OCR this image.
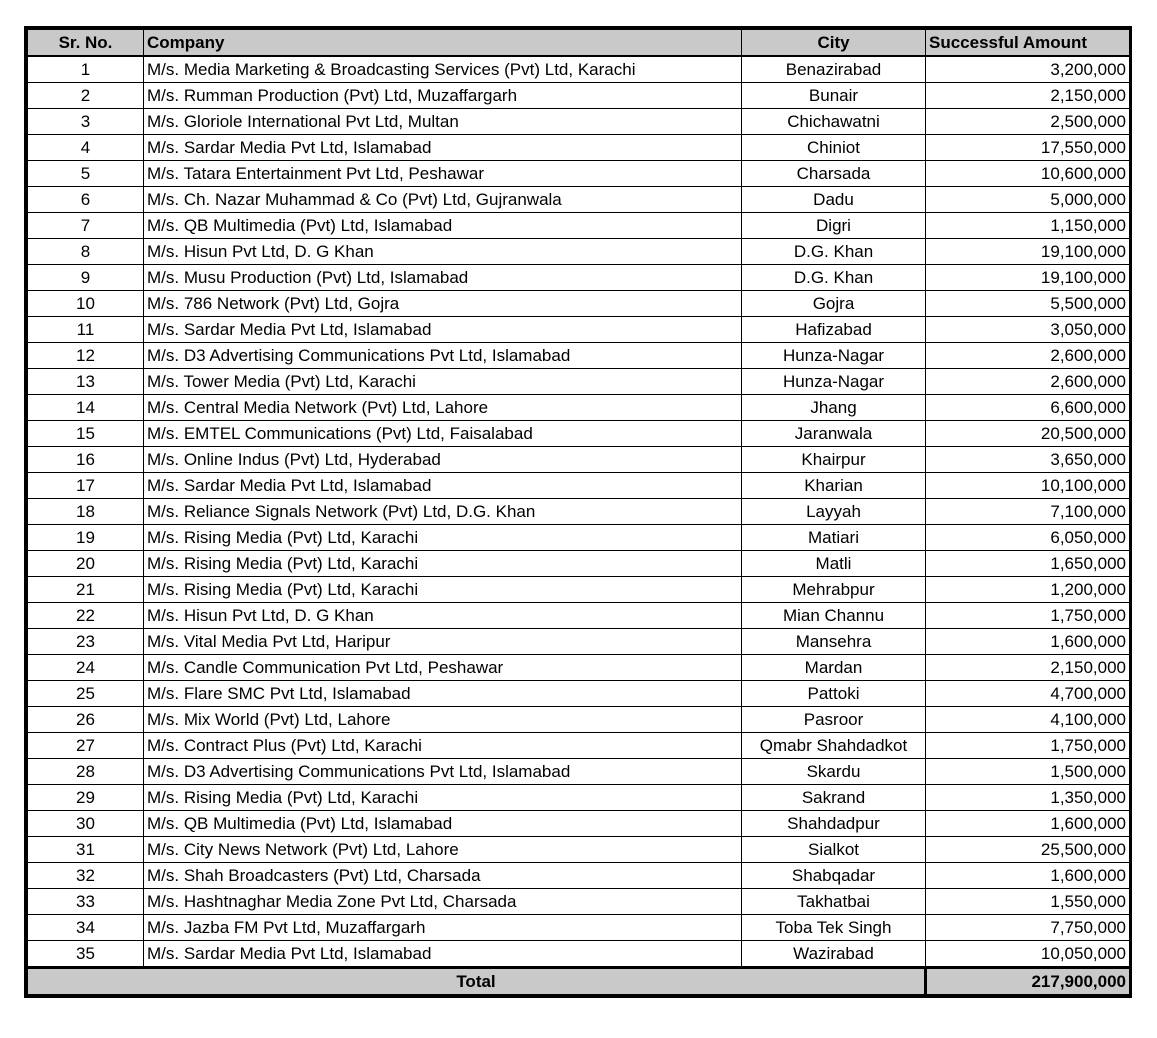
Sr. No.	Company	City	Successful Amount
1	M/s. Media Marketing & Broadcasting Services (Pvt) Ltd, Karachi	Benazirabad	3,200,000
2	M/s. Rumman Production (Pvt) Ltd, Muzaffargarh	Bunair	2,150,000
3	M/s. Gloriole International Pvt Ltd, Multan	Chichawatni	2,500,000
4	M/s. Sardar Media Pvt Ltd, Islamabad	Chiniot	17,550,000
5	M/s. Tatara Entertainment Pvt Ltd, Peshawar	Charsada	10,600,000
6	M/s. Ch. Nazar Muhammad & Co (Pvt) Ltd, Gujranwala	Dadu	5,000,000
7	M/s. QB Multimedia (Pvt) Ltd, Islamabad	Digri	1,150,000
8	M/s. Hisun Pvt Ltd, D. G Khan	D.G. Khan	19,100,000
9	M/s. Musu Production (Pvt) Ltd, Islamabad	D.G. Khan	19,100,000
10	M/s. 786 Network (Pvt) Ltd, Gojra	Gojra	5,500,000
11	M/s. Sardar Media Pvt Ltd, Islamabad	Hafizabad	3,050,000
12	M/s. D3 Advertising Communications Pvt Ltd, Islamabad	Hunza-Nagar	2,600,000
13	M/s. Tower Media (Pvt) Ltd, Karachi	Hunza-Nagar	2,600,000
14	M/s. Central Media Network (Pvt) Ltd, Lahore	Jhang	6,600,000
15	M/s. EMTEL Communications (Pvt) Ltd, Faisalabad	Jaranwala	20,500,000
16	M/s. Online Indus (Pvt) Ltd, Hyderabad	Khairpur	3,650,000
17	M/s. Sardar Media Pvt Ltd, Islamabad	Kharian	10,100,000
18	M/s. Reliance Signals Network (Pvt) Ltd, D.G. Khan	Layyah	7,100,000
19	M/s. Rising Media (Pvt) Ltd, Karachi	Matiari	6,050,000
20	M/s. Rising Media (Pvt) Ltd, Karachi	Matli	1,650,000
21	M/s. Rising Media (Pvt) Ltd, Karachi	Mehrabpur	1,200,000
22	M/s. Hisun Pvt Ltd, D. G Khan	Mian Channu	1,750,000
23	M/s. Vital Media Pvt Ltd, Haripur	Mansehra	1,600,000
24	M/s. Candle Communication Pvt Ltd, Peshawar	Mardan	2,150,000
25	M/s. Flare SMC Pvt Ltd, Islamabad	Pattoki	4,700,000
26	M/s. Mix World (Pvt) Ltd, Lahore	Pasroor	4,100,000
27	M/s. Contract Plus (Pvt) Ltd, Karachi	Qmabr Shahdadkot	1,750,000
28	M/s. D3 Advertising Communications Pvt Ltd, Islamabad	Skardu	1,500,000
29	M/s. Rising Media (Pvt) Ltd, Karachi	Sakrand	1,350,000
30	M/s. QB Multimedia (Pvt) Ltd, Islamabad	Shahdadpur	1,600,000
31	M/s. City News Network (Pvt) Ltd, Lahore	Sialkot	25,500,000
32	M/s. Shah Broadcasters (Pvt) Ltd, Charsada	Shabqadar	1,600,000
33	M/s. Hashtnaghar Media Zone Pvt Ltd, Charsada	Takhatbai	1,550,000
34	M/s. Jazba FM Pvt Ltd, Muzaffargarh	Toba Tek Singh	7,750,000
35	M/s. Sardar Media Pvt Ltd, Islamabad	Wazirabad	10,050,000
Total			217,900,000
